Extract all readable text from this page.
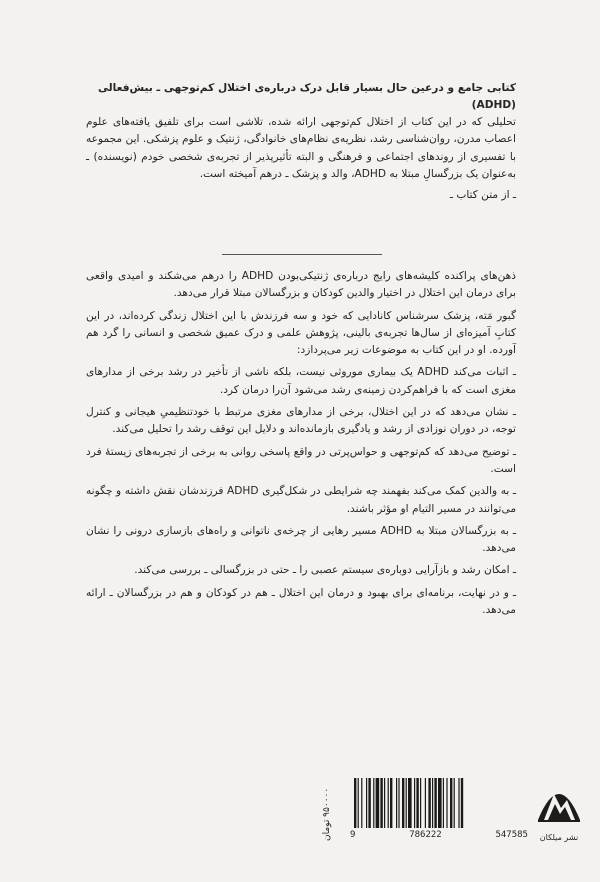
کتابی جامع و درعین حال بسیار قابل درک درباره‌ی اختلال کم‌توجهی ـ بیش‌فعالی (ADHD)

تحلیلی که در این کتاب از اختلال کم‌توجهی ارائه شده، تلاشی است برای تلفیق یافته‌های علوم اعصاب مدرن، روان‌شناسی رشد، نظریه‌ی نظام‌های خانوادگی، ژنتیک و علوم پزشکی. این مجموعه با تفسیری از روندهای اجتماعی و فرهنگی و البته تأثیرپذیر از تجربه‌ی شخصی خودم (نویسنده) ـ به‌عنوان یک بزرگسالِ مبتلا به ADHD، والد و پزشک ـ درهم آمیخته است.

ـ از متن کتاب ـ

ذهن‌های پراکنده کلیشه‌های رایج درباره‌ی ژنتیکی‌بودن ADHD را درهم می‌شکند و امیدی واقعی برای درمان این اختلال در اختیار والدین کودکان و بزرگسالان مبتلا قرار می‌دهد.

گبور مَته، پزشک سرشناس کانادایی که خود و سه فرزندش با این اختلال زندگی کرده‌اند، در این کتابِ آمیزه‌ای از سال‌ها تجربه‌ی بالینی، پژوهش علمی و درک عمیق شخصی و انسانی را گرد هم آورده. او در این کتاب به موضوعات زیر می‌پردازد:

ـ اثبات می‌کند ADHD یک بیماری موروثی نیست، بلکه ناشی از تأخیر در رشد برخی از مدارهای مغزی است که با فراهم‌کردن زمینه‌ی رشد می‌شود آن‌را درمان کرد.
ـ نشان می‌دهد که در این اختلال، برخی از مدارهای مغزی مرتبط با خودتنظیمیِ هیجانی و کنترل توجه، در دوران نوزادی از رشد و یادگیری بازمانده‌اند و دلایل این توقف رشد را تحلیل می‌کند.
ـ توضیح می‌دهد که کم‌توجهی و حواس‌پرتی در واقع پاسخی روانی به برخی از تجربه‌های زیستۀ فرد است.
ـ به والدین کمک می‌کند بفهمند چه شرایطی در شکل‌گیری ADHD فرزندشان نقش داشته و چگونه می‌توانند در مسیر التیام او مؤثر باشند.
ـ به بزرگسالان مبتلا به ADHD مسیر رهایی از چرخه‌ی ناتوانی و راه‌های بازسازی درونی را نشان می‌دهد.
ـ امکان رشد و بازآرایی دوباره‌ی سیستم عصبی را ـ حتی در بزرگسالی ـ بررسی می‌کند.
ـ و در نهایت، برنامه‌ای برای بهبود و درمان این اختلال ـ هم در کودکان و هم در بزرگسالان ـ ارائه می‌دهد.
۹۵۰۰۰۰ تومان
9	786222	547585	نشر میلکان
